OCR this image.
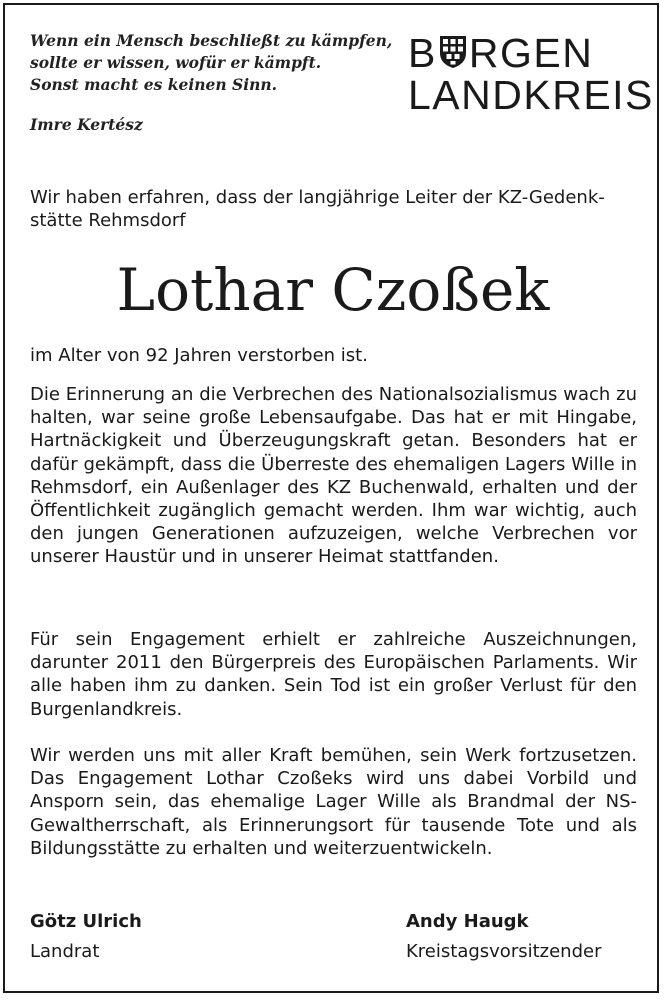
Wenn ein Mensch beschließt zu kämpfen,
sollte er wissen, wofür er kämpft.
Sonst macht es keinen Sinn.
Imre Kertész
B RGEN
LANDKREIS
Wir haben erfahren, dass der langjährige Leiter der KZ-Gedenk-
stätte Rehmsdorf
Lothar Czoßek
im Alter von 92 Jahren verstorben ist.
Die Erinnerung an die Verbrechen des Nationalsozialismus wach zu halten, war seine große Lebensaufgabe. Das hat er mit Hingabe, Hartnäckigkeit und Überzeugungskraft getan. Besonders hat er dafür gekämpft, dass die Überreste des ehemaligen Lagers Wille in Rehmsdorf, ein Außenlager des KZ Buchenwald, erhalten und der Öffentlichkeit zugänglich gemacht werden. Ihm war wichtig, auch den jungen Generationen aufzuzeigen, welche Verbrechen vor unserer Haustür und in unserer Heimat stattfanden.
Für sein Engagement erhielt er zahlreiche Auszeichnungen, darunter 2011 den Bürgerpreis des Europäischen Parlaments. Wir alle haben ihm zu danken. Sein Tod ist ein großer Verlust für den Burgenlandkreis.
Wir werden uns mit aller Kraft bemühen, sein Werk fortzusetzen. Das Engagement Lothar Czoßeks wird uns dabei Vorbild und Ansporn sein, das ehemalige Lager Wille als Brandmal der NS-Gewaltherrschaft, als Erinnerungsort für tausende Tote und als Bildungsstätte zu erhalten und weiterzuentwickeln.
Götz Ulrich
Landrat
Andy Haugk
Kreistagsvorsitzender
